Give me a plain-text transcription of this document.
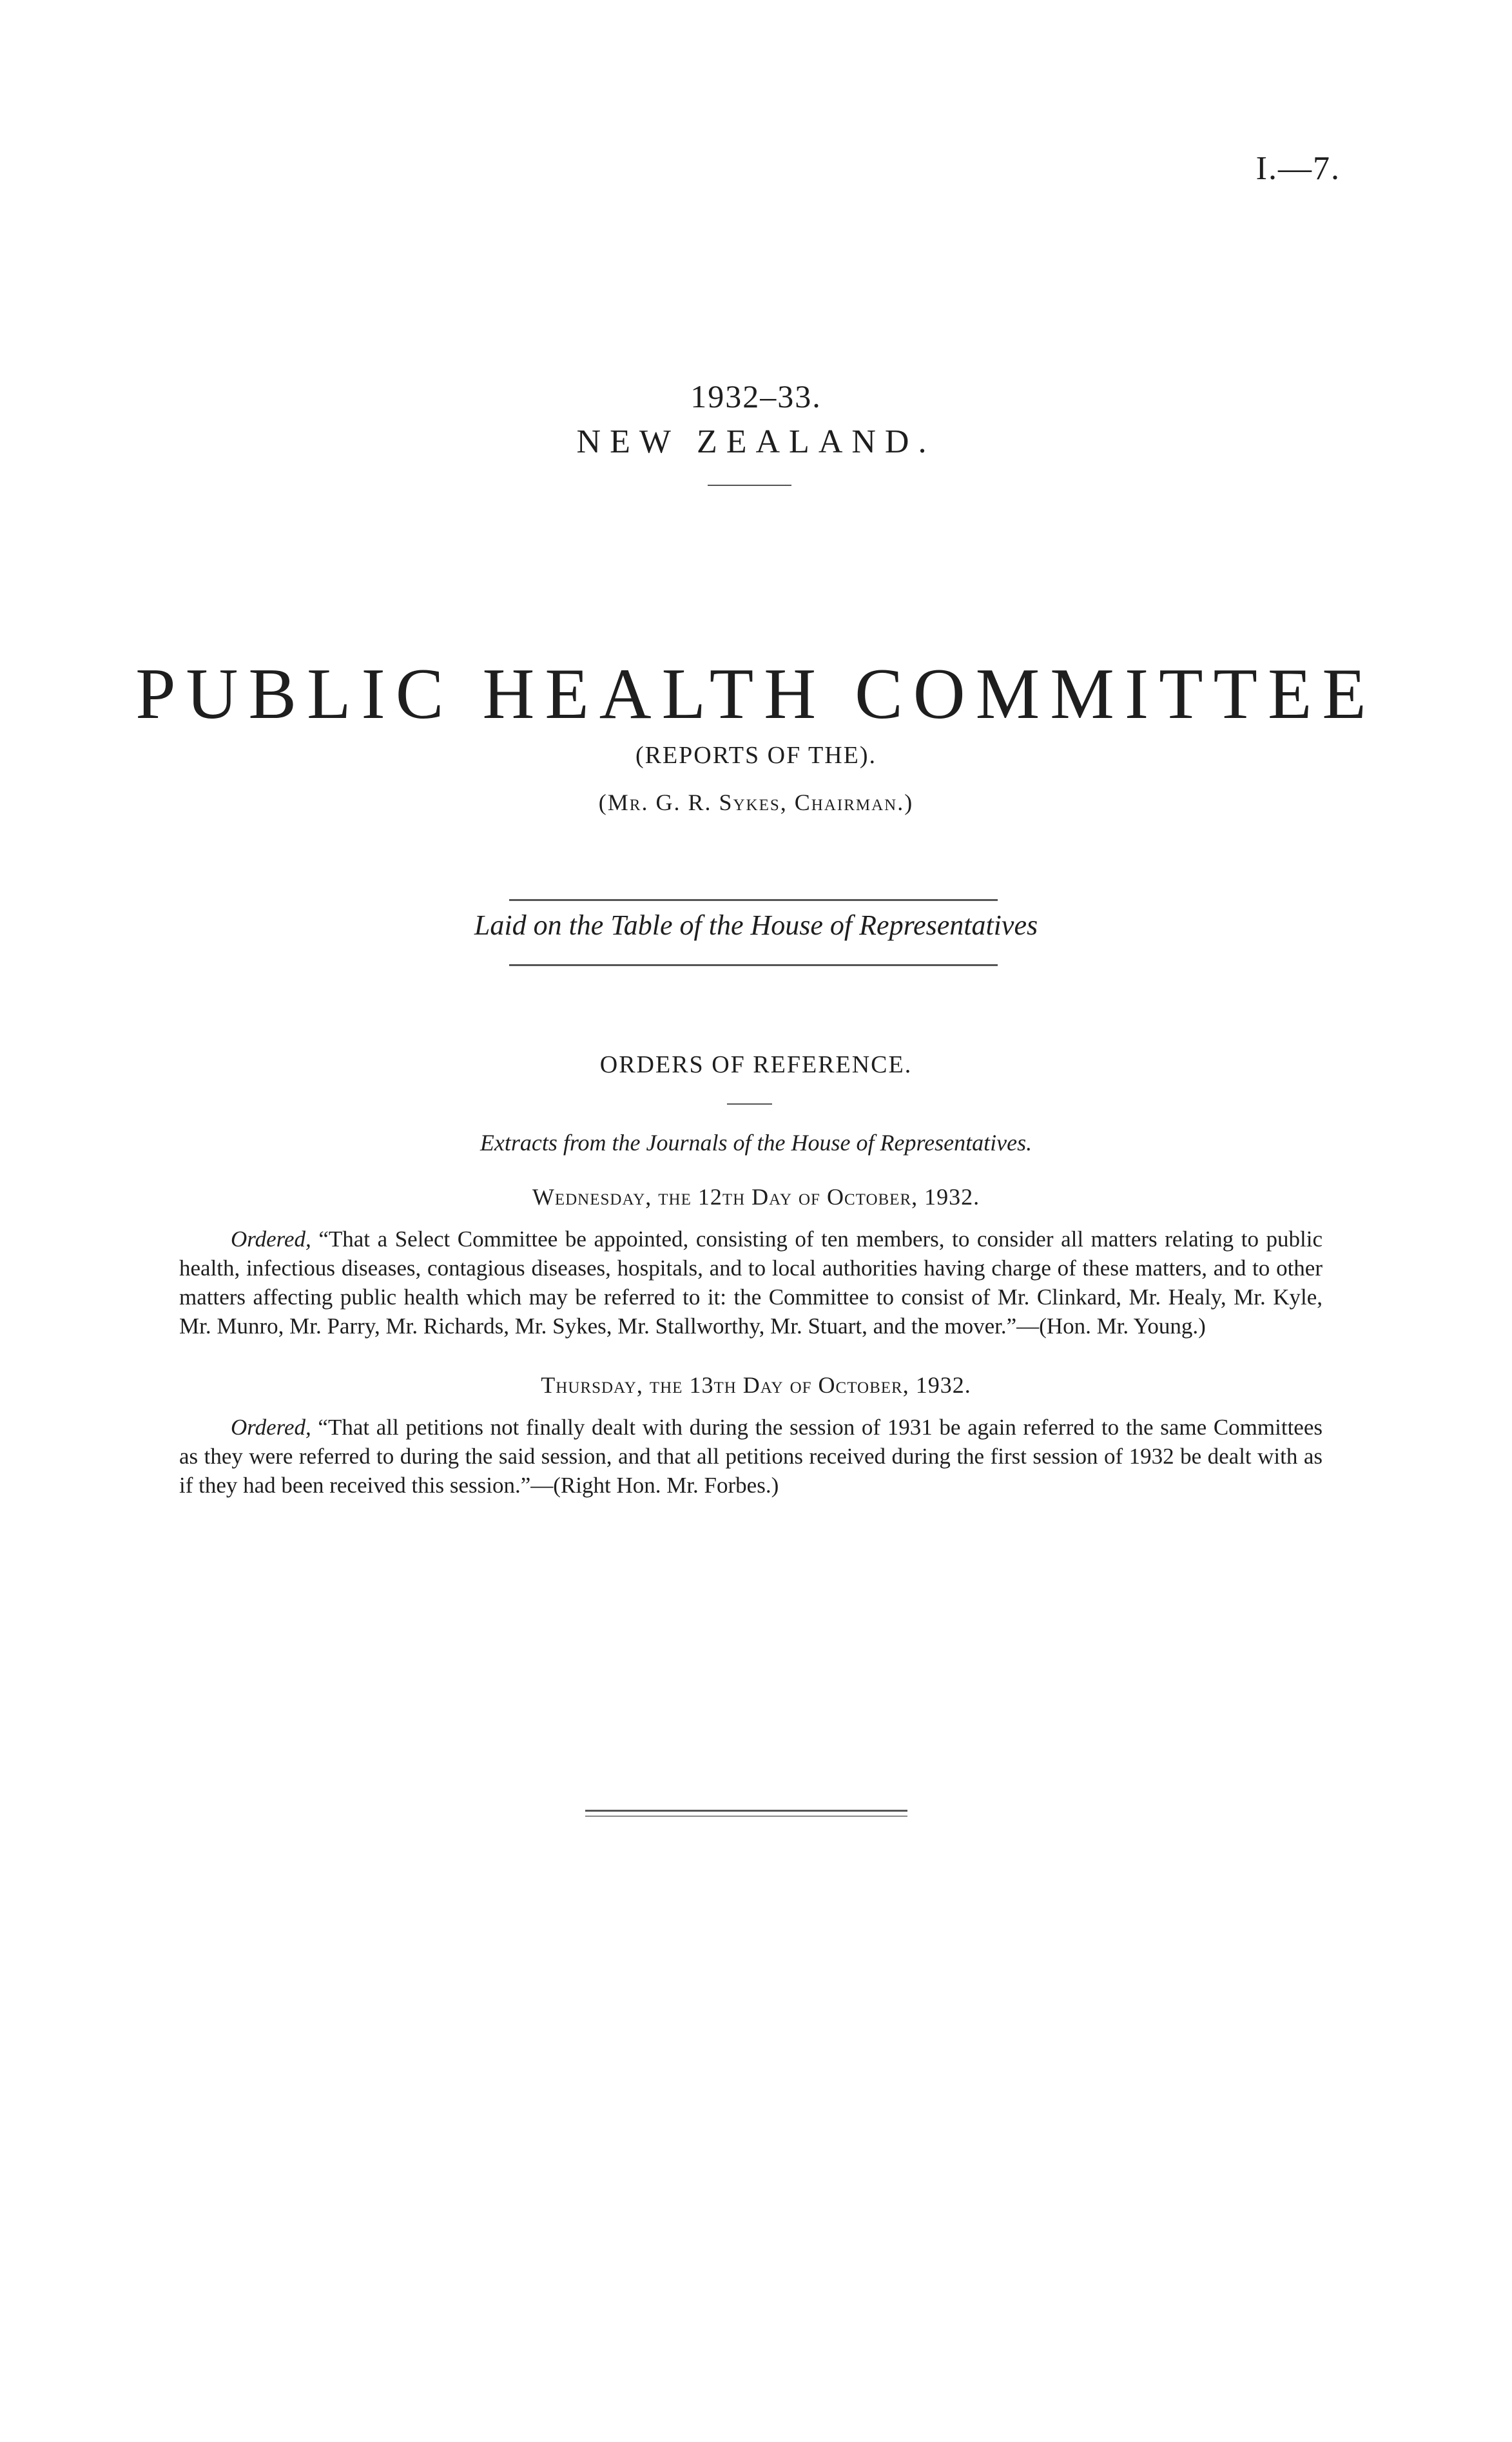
I.—7.
1932–33.
NEW ZEALAND.
PUBLIC HEALTH COMMITTEE
(REPORTS OF THE).
(Mr. G. R. Sykes, Chairman.)
Laid on the Table of the House of Representatives
ORDERS OF REFERENCE.
Extracts from the Journals of the House of Representatives.
Wednesday, the 12th Day of October, 1932.
Ordered, “That a Select Committee be appointed, consisting of ten members, to consider all matters relating to public health, infectious diseases, contagious diseases, hospitals, and to local authorities having charge of these matters, and to other matters affecting public health which may be referred to it: the Committee to consist of Mr. Clinkard, Mr. Healy, Mr. Kyle, Mr. Munro, Mr. Parry, Mr. Richards, Mr. Sykes, Mr. Stallworthy, Mr. Stuart, and the mover.”—(Hon. Mr. Young.)
Thursday, the 13th Day of October, 1932.
Ordered, “That all petitions not finally dealt with during the session of 1931 be again referred to the same Committees as they were referred to during the said session, and that all petitions received during the first session of 1932 be dealt with as if they had been received this session.”—(Right Hon. Mr. Forbes.)
